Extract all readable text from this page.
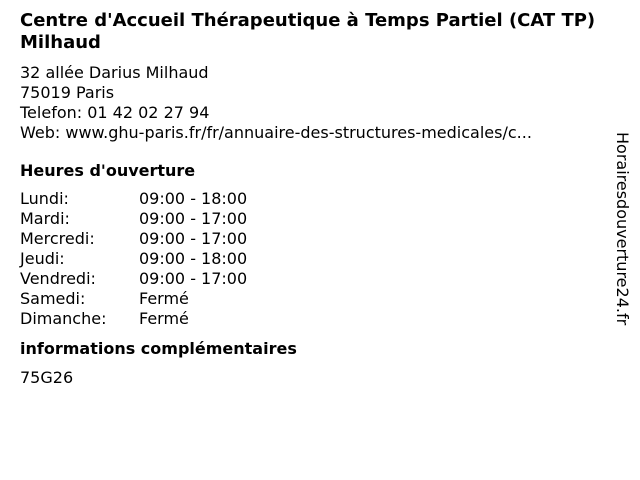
Centre d'Accueil Thérapeutique à Temps Partiel (CAT TP) Milhaud
32 allée Darius Milhaud
75019 Paris
Telefon: 01 42 02 27 94
Web: www.ghu-paris.fr/fr/annuaire-des-structures-medicales/c...
Heures d'ouverture
Lundi:	09:00 - 18:00
Mardi:	09:00 - 17:00
Mercredi:	09:00 - 17:00
Jeudi:	09:00 - 18:00
Vendredi:	09:00 - 17:00
Samedi:	Fermé
Dimanche:	Fermé
informations complémentaires
75G26
Horairesdouverture24.fr
